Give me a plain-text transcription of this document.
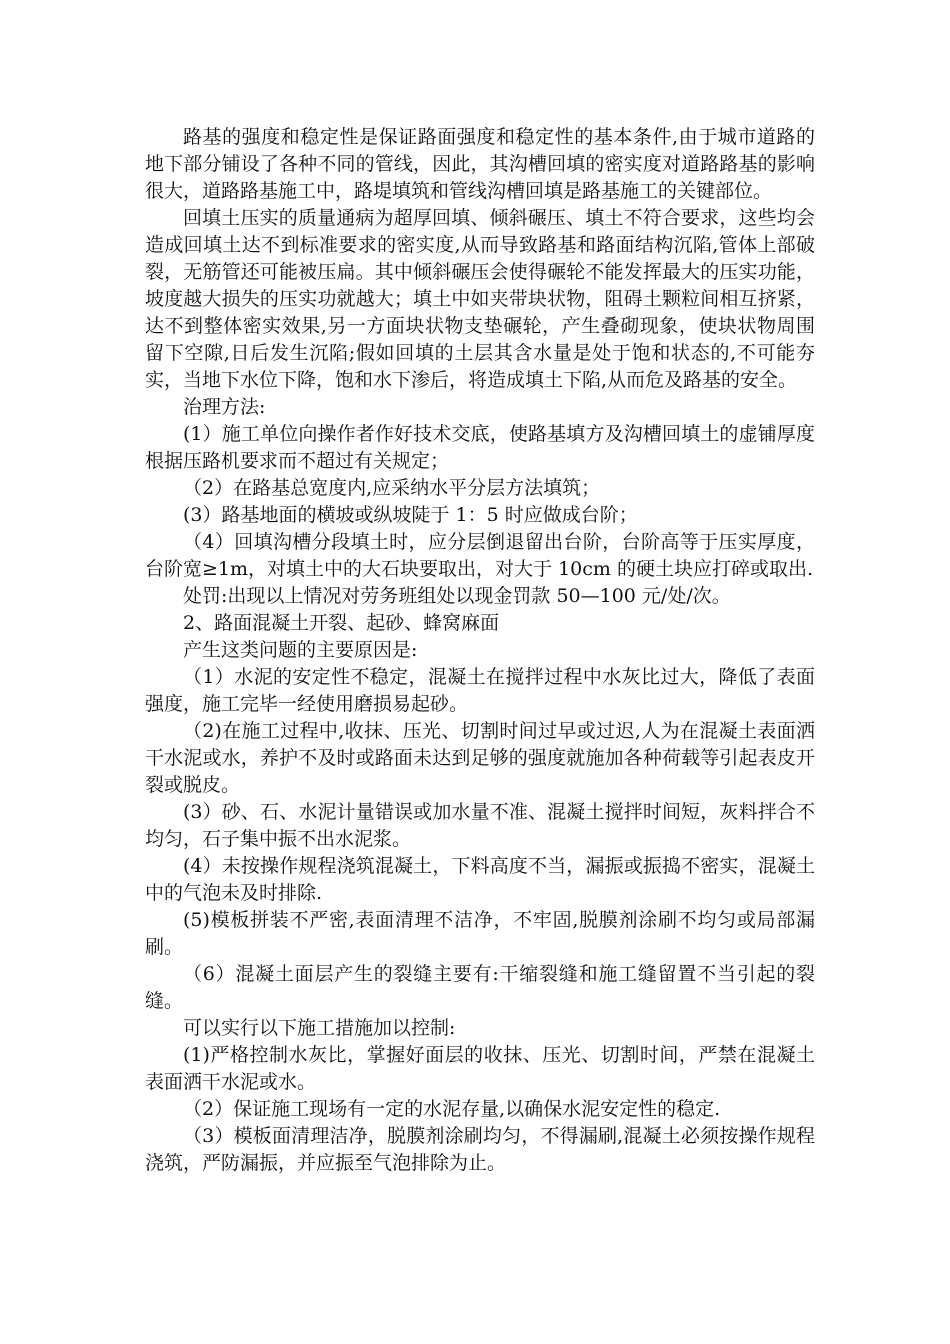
路基的强度和稳定性是保证路面强度和稳定性的基本条件,由于城市道路的地下部分铺设了各种不同的管线，因此，其沟槽回填的密实度对道路路基的影响很大，道路路基施工中，路堤填筑和管线沟槽回填是路基施工的关键部位。

回填土压实的质量通病为超厚回填、倾斜碾压、填土不符合要求，这些均会造成回填土达不到标准要求的密实度,从而导致路基和路面结构沉陷,管体上部破裂，无筋管还可能被压扁。其中倾斜碾压会使得碾轮不能发挥最大的压实功能，坡度越大损失的压实功就越大；填土中如夹带块状物，阻碍土颗粒间相互挤紧，达不到整体密实效果,另一方面块状物支垫碾轮，产生叠砌现象，使块状物周围留下空隙,日后发生沉陷;假如回填的土层其含水量是处于饱和状态的,不可能夯实，当地下水位下降，饱和水下渗后，将造成填土下陷,从而危及路基的安全。

治理方法:

(1）施工单位向操作者作好技术交底，使路基填方及沟槽回填土的虚铺厚度根据压路机要求而不超过有关规定；

（2）在路基总宽度内,应采纳水平分层方法填筑；

(3）路基地面的横坡或纵坡陡于 1：5 时应做成台阶；

（4）回填沟槽分段填土时，应分层倒退留出台阶，台阶高等于压实厚度，台阶宽≥1m，对填土中的大石块要取出，对大于 10cm 的硬土块应打碎或取出.

处罚:出现以上情况对劳务班组处以现金罚款 50—100 元/处/次。

2、路面混凝土开裂、起砂、蜂窝麻面

产生这类问题的主要原因是:

（1）水泥的安定性不稳定，混凝土在搅拌过程中水灰比过大，降低了表面强度，施工完毕一经使用磨损易起砂。

（2)在施工过程中,收抹、压光、切割时间过早或过迟,人为在混凝土表面洒干水泥或水，养护不及时或路面未达到足够的强度就施加各种荷载等引起表皮开裂或脱皮。

(3）砂、石、水泥计量错误或加水量不准、混凝土搅拌时间短，灰料拌合不均匀，石子集中振不出水泥浆。

(4）未按操作规程浇筑混凝土，下料高度不当，漏振或振捣不密实，混凝土中的气泡未及时排除.

(5)模板拼装不严密,表面清理不洁净，不牢固,脱膜剂涂刷不均匀或局部漏刷。

（6）混凝土面层产生的裂缝主要有:干缩裂缝和施工缝留置不当引起的裂缝。

可以实行以下施工措施加以控制:

(1)严格控制水灰比，掌握好面层的收抹、压光、切割时间，严禁在混凝土表面洒干水泥或水。

（2）保证施工现场有一定的水泥存量,以确保水泥安定性的稳定.

（3）模板面清理洁净，脱膜剂涂刷均匀，不得漏刷,混凝土必须按操作规程浇筑，严防漏振，并应振至气泡排除为止。
